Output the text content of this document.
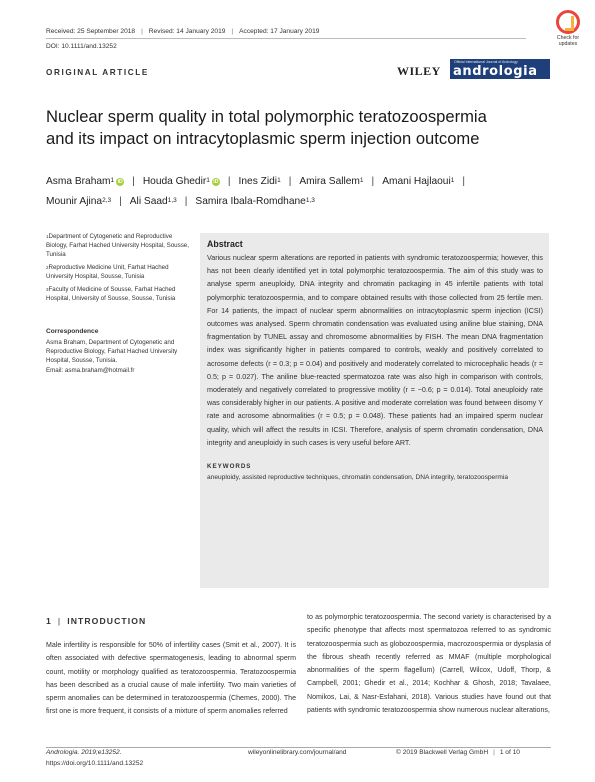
Received: 25 September 2018 | Revised: 14 January 2019 | Accepted: 17 January 2019
DOI: 10.1111/and.13252
Check for
updates
ORIGINAL ARTICLE	WILEY
Official International Journal of Andrology
andrologia
Nuclear sperm quality in total polymorphic teratozoospermia
and its impact on intracytoplasmic sperm injection outcome
Asma Braham$^1$ iD | Houda Ghedir$^1$ iD | Ines Zidi$^1$ | Amira Sallem$^1$ | Amani Hajlaoui$^1$ |
Mounir Ajina$^{2,3}$ | Ali Saad$^{1,3}$ | Samira Ibala-Romdhane$^{1,3}$

$^1$Department of Cytogenetic and Reproductive Biology, Farhat Hached University Hospital, Sousse, Tunisia

$^2$Reproductive Medicine Unit, Farhat Hached University Hospital, Sousse, Tunisia

$^3$Faculty of Medicine of Sousse, Farhat Hached Hospital, University of Sousse, Sousse, Tunisia

Correspondence
Asma Braham, Department of Cytogenetic and Reproductive Biology, Farhat Hached University Hospital, Sousse, Tunisia.
Email: asma.braham@hotmail.fr
Abstract
Various nuclear sperm alterations are reported in patients with syndromic teratozoospermia; however, this has not been clearly identified yet in total polymorphic teratozoospermia. The aim of this study was to analyse sperm aneuploidy, DNA integrity and chromatin packaging in 45 infertile patients with total polymorphic teratozoospermia, and to compare obtained results with those collected from 25 fertile men. For 14 patients, the impact of nuclear sperm abnormalities on intracytoplasmic sperm injection (ICSI) outcomes was analysed. Sperm chromatin condensation was evaluated using aniline blue staining, DNA fragmentation by TUNEL assay and chromosome abnormalities by FISH. The mean DNA fragmentation index was significantly higher in patients compared to controls, weakly and positively correlated to acrosome defects (r = 0.3; p = 0.04) and positively and moderately correlated to microcephalic heads (r = 0.5; p = 0.027). The aniline blue-reacted spermatozoa rate was also high in comparison with controls, moderately and negatively correlated to progressive motility (r = −0.6; p = 0.014). Total aneuploidy rate was considerably higher in our patients. A positive and moderate correlation was found between disomy Y rate and acrosome abnormalities (r = 0.5; p = 0.048). These patients had an impaired sperm nuclear quality, which will affect the results in ICSI. Therefore, analysis of sperm chromatin condensation, DNA integrity and aneuploidy in such cases is very useful before ART.
KEYWORDS
aneuploidy, assisted reproductive techniques, chromatin condensation, DNA integrity, teratozoospermia
1 | INTRODUCTION
Male infertility is responsible for 50% of infertility cases (Smit et al., 2007). It is often associated with defective spermatogenesis, leading to abnormal sperm count, motility or morphology qualified as teratozoospermia. Teratozoospermia has been described as a crucial cause of male infertility. Two main varieties of sperm anomalies can be determined in teratozoospermia (Chemes, 2000). The first one is more frequent, it consists of a mixture of sperm anomalies referred
to as polymorphic teratozoospermia. The second variety is characterised by a specific phenotype that affects most spermatozoa referred to as syndromic teratozoospermia such as globozoospermia, macrozoospermia or dysplasia of the fibrous sheath recently referred as MMAF (multiple morphological abnormalities of the sperm flagellum) (Carrell, Wilcox, Udoff, Thorp, & Campbell, 2001; Ghedir et al., 2014; Kochhar & Ghosh, 2018; Tavalaee, Nomikos, Lai, & Nasr-Esfahani, 2018). Various studies have found out that patients with syndromic teratozoospermia show numerous nuclear alterations,
Andrologia. 2019;e13252.
https://doi.org/10.1111/and.13252
wileyonlinelibrary.com/journal/and	© 2019 Blackwell Verlag GmbH | 1 of 10
